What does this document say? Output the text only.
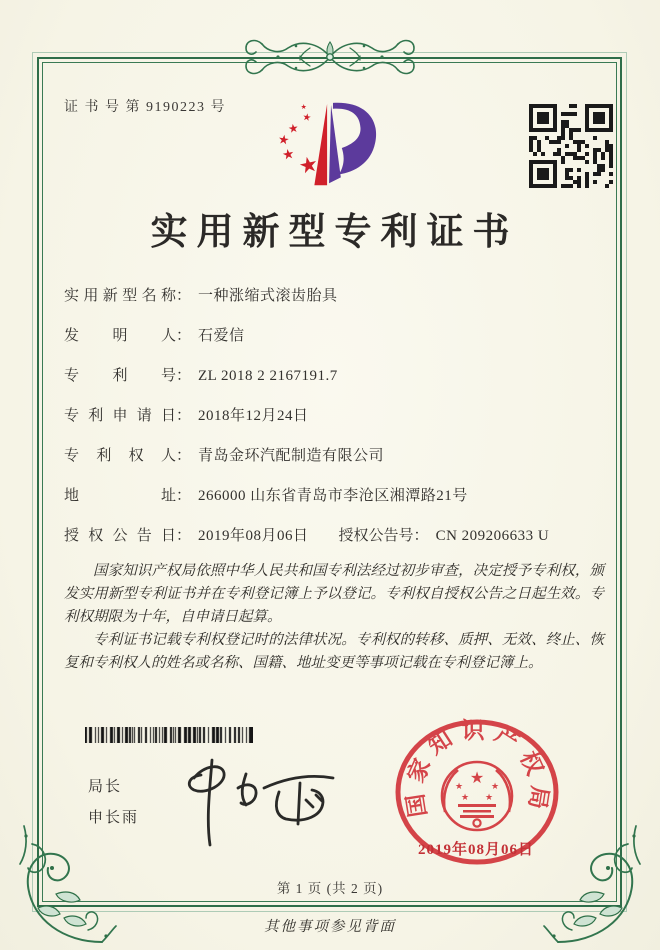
证 书 号 第 9190223 号
★
★
★
★
★
★
实用新型专利证书
实用新型名称： 一种涨缩式滚齿胎具
发明人： 石爱信
专利号： ZL 2018 2 2167191.7
专利申请日： 2018年12月24日
专利权人： 青岛金环汽配制造有限公司
地址： 266000 山东省青岛市李沧区湘潭路21号
授权公告日： 2019年08月06日 授权公告号： CN 209206633 U

国家知识产权局依照中华人民共和国专利法经过初步审查，决定授予专利权，颁发实用新型专利证书并在专利登记簿上予以登记。专利权自授权公告之日起生效。专利权期限为十年，自申请日起算。

专利证书记载专利权登记时的法律状况。专利权的转移、质押、无效、终止、恢复和专利权人的姓名或名称、国籍、地址变更等事项记载在专利登记簿上。

局长
申长雨	国家知识产权局
★
★	★
★ ★
2019年08月06日
第 1 页 (共 2 页)
其他事项参见背面
